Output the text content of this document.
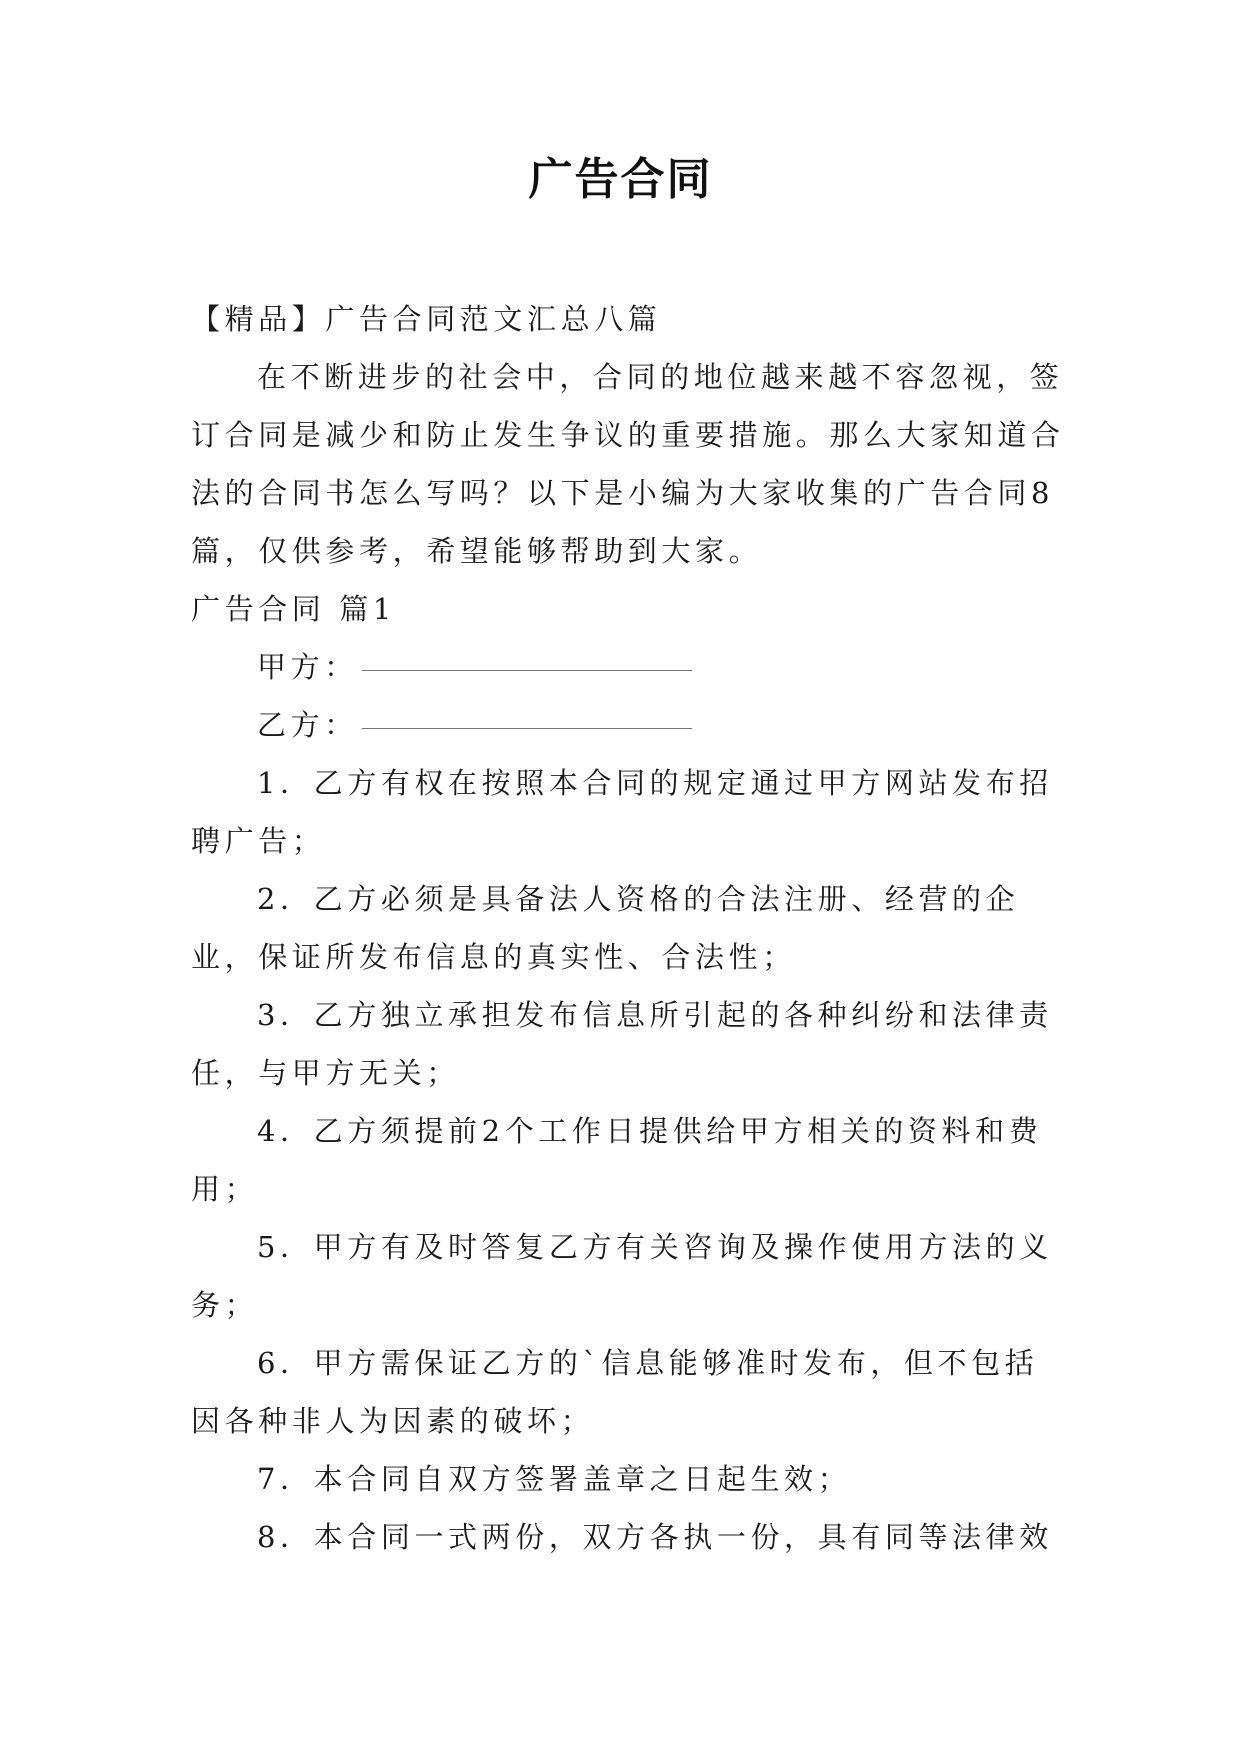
广告合同

【精品】广告合同范文汇总八篇

在不断进步的社会中，合同的地位越来越不容忽视，签订合同是减少和防止发生争议的重要措施。那么大家知道合法的合同书怎么写吗？以下是小编为大家收集的广告合同8篇，仅供参考，希望能够帮助到大家。

广告合同 篇1

甲方：

乙方：

1．乙方有权在按照本合同的规定通过甲方网站发布招聘广告；

2．乙方必须是具备法人资格的合法注册、经营的企业，保证所发布信息的真实性、合法性；

3．乙方独立承担发布信息所引起的各种纠纷和法律责任，与甲方无关；

4．乙方须提前2个工作日提供给甲方相关的资料和费用；

5．甲方有及时答复乙方有关咨询及操作使用方法的义务；

6．甲方需保证乙方的`信息能够准时发布，但不包括因各种非人为因素的破坏；

7．本合同自双方签署盖章之日起生效；

8．本合同一式两份，双方各执一份，具有同等法律效
